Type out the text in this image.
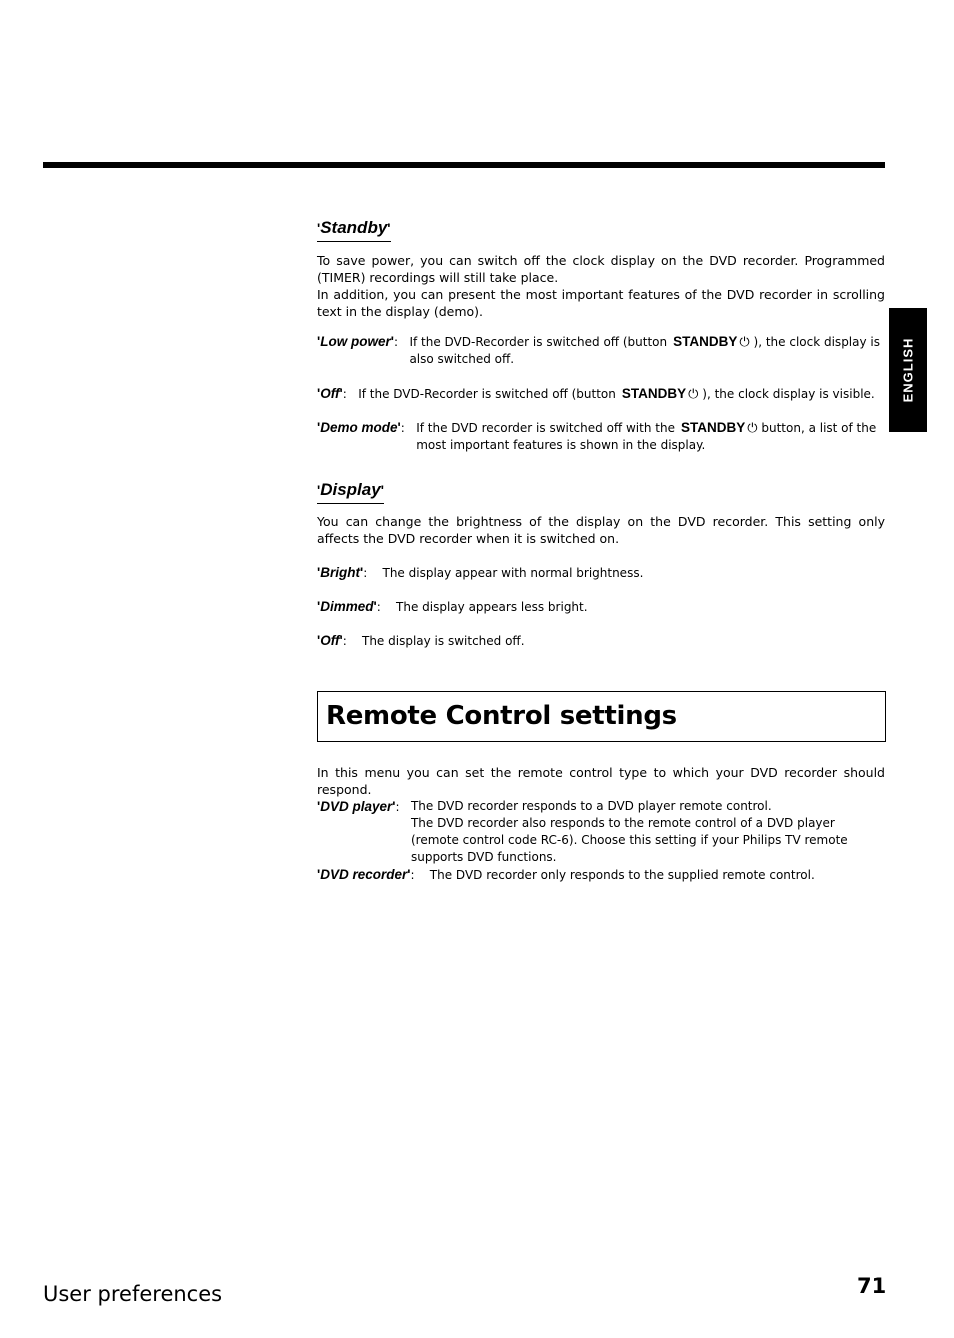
ENGLISH
'Standby'
To save power, you can switch off the clock display on the DVD recorder. Programmed (TIMER) recordings will still take place.
In addition, you can present the most important features of the DVD recorder in scrolling text in the display (demo).
'Low power': If the DVD-Recorder is switched off (button STANDBY ⏻ ), the clock display is also switched off.
'Off': If the DVD-Recorder is switched off (button STANDBY ⏻ ), the clock display is visible.
'Demo mode': If the DVD recorder is switched off with the STANDBY ⏻ button, a list of the most important features is shown in the display.
'Display'
You can change the brightness of the display on the DVD recorder. This setting only affects the DVD recorder when it is switched on.
'Bright':    The display appear with normal brightness.
'Dimmed':    The display appears less bright.
'Off':    The display is switched off.
Remote Control settings
In this menu you can set the remote control type to which your DVD recorder should respond.
'DVD player': The DVD recorder responds to a DVD player remote control.
The DVD recorder also responds to the remote control of a DVD player (remote control code RC-6). Choose this setting if your Philips TV remote supports DVD functions.
'DVD recorder':    The DVD recorder only responds to the supplied remote control.
User preferences	71
